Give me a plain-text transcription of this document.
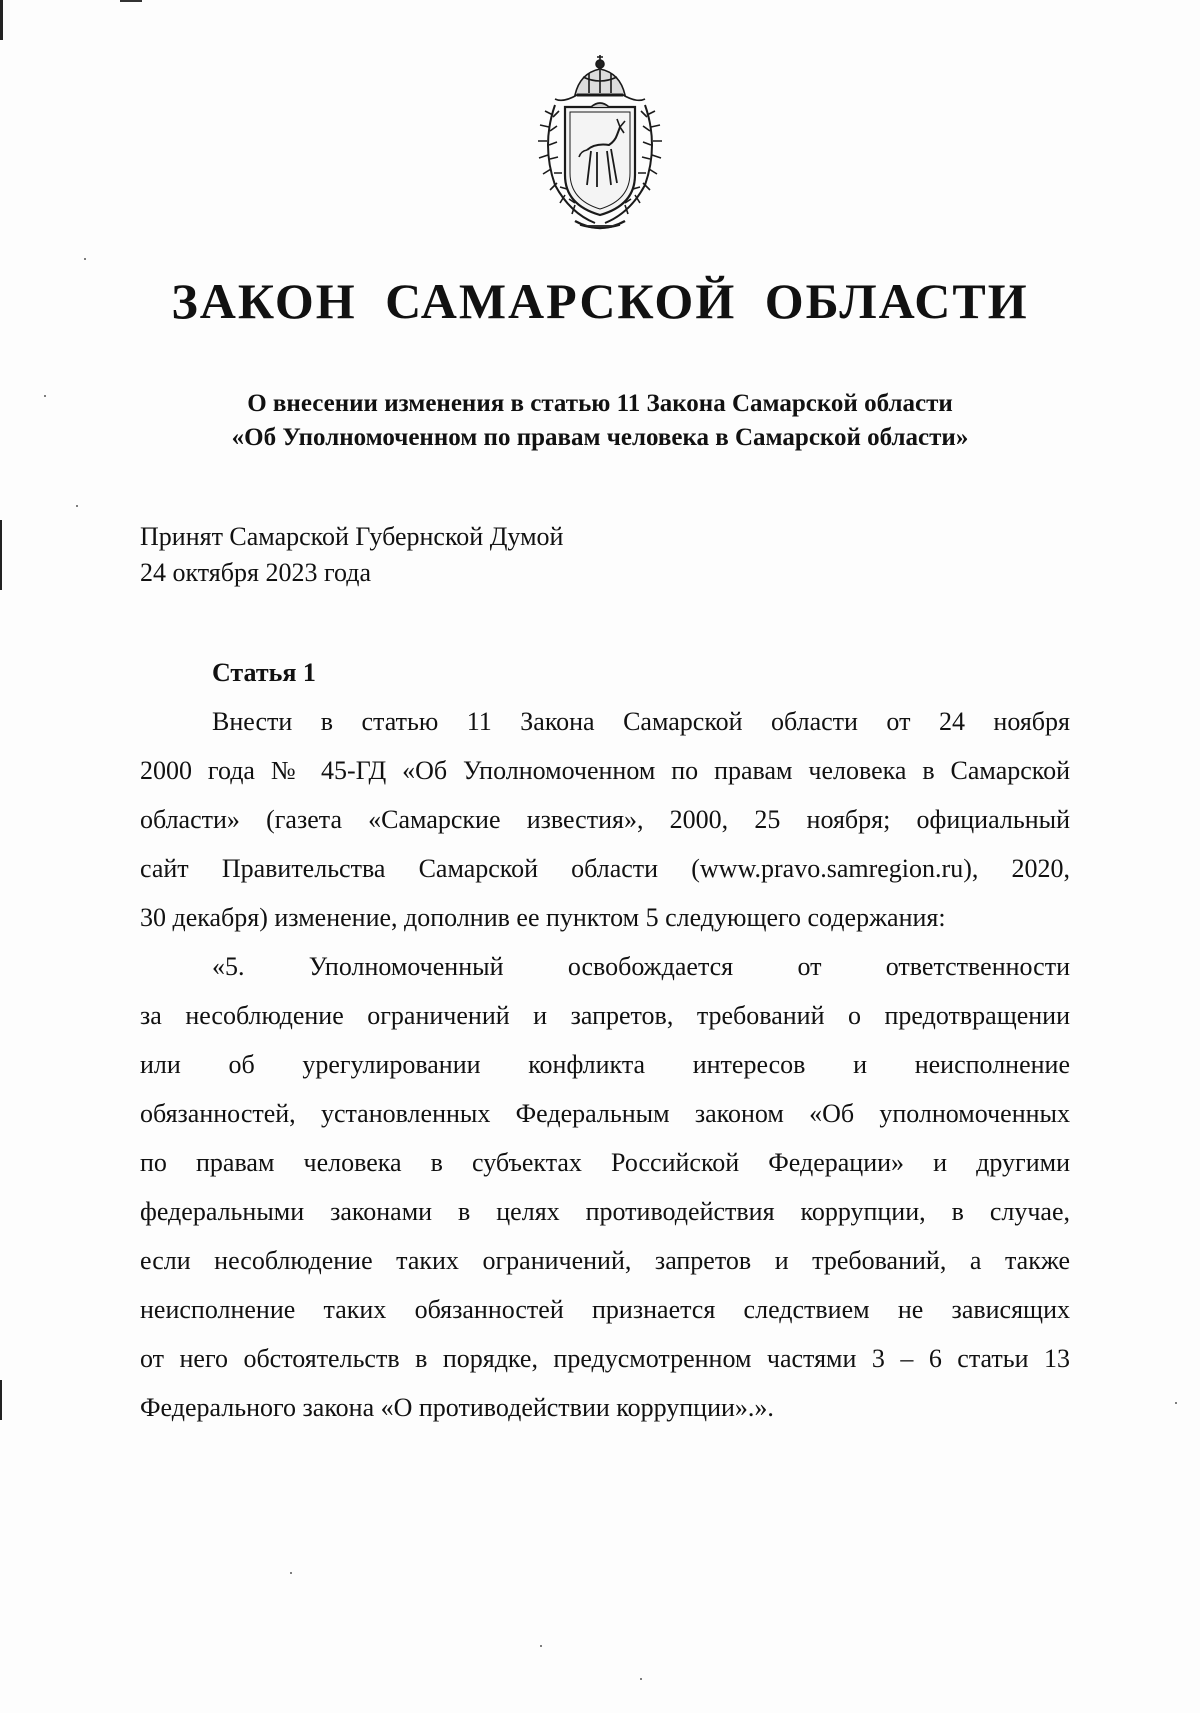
ЗАКОН САМАРСКОЙ ОБЛАСТИ

О внесении изменения в статью 11 Закона Самарской области

«Об Уполномоченном по правам человека в Самарской области»

Принят Самарской Губернской Думой

24 октября 2023 года

Статья 1

Внести в статью 11 Закона Самарской области от 24 ноября

2000 года № 45-ГД «Об Уполномоченном по правам человека в Самарской

области» (газета «Самарские известия», 2000, 25 ноября; официальный

сайт Правительства Самарской области (www.pravo.samregion.ru), 2020,

30 декабря) изменение, дополнив ее пунктом 5 следующего содержания:

«5. Уполномоченный освобождается от ответственности

за несоблюдение ограничений и запретов, требований о предотвращении

или об урегулировании конфликта интересов и неисполнение

обязанностей, установленных Федеральным законом «Об уполномоченных

по правам человека в субъектах Российской Федерации» и другими

федеральными законами в целях противодействия коррупции, в случае,

если несоблюдение таких ограничений, запретов и требований, а также

неисполнение таких обязанностей признается следствием не зависящих

от него обстоятельств в порядке, предусмотренном частями 3 – 6 статьи 13

Федерального закона «О противодействии коррупции».».
